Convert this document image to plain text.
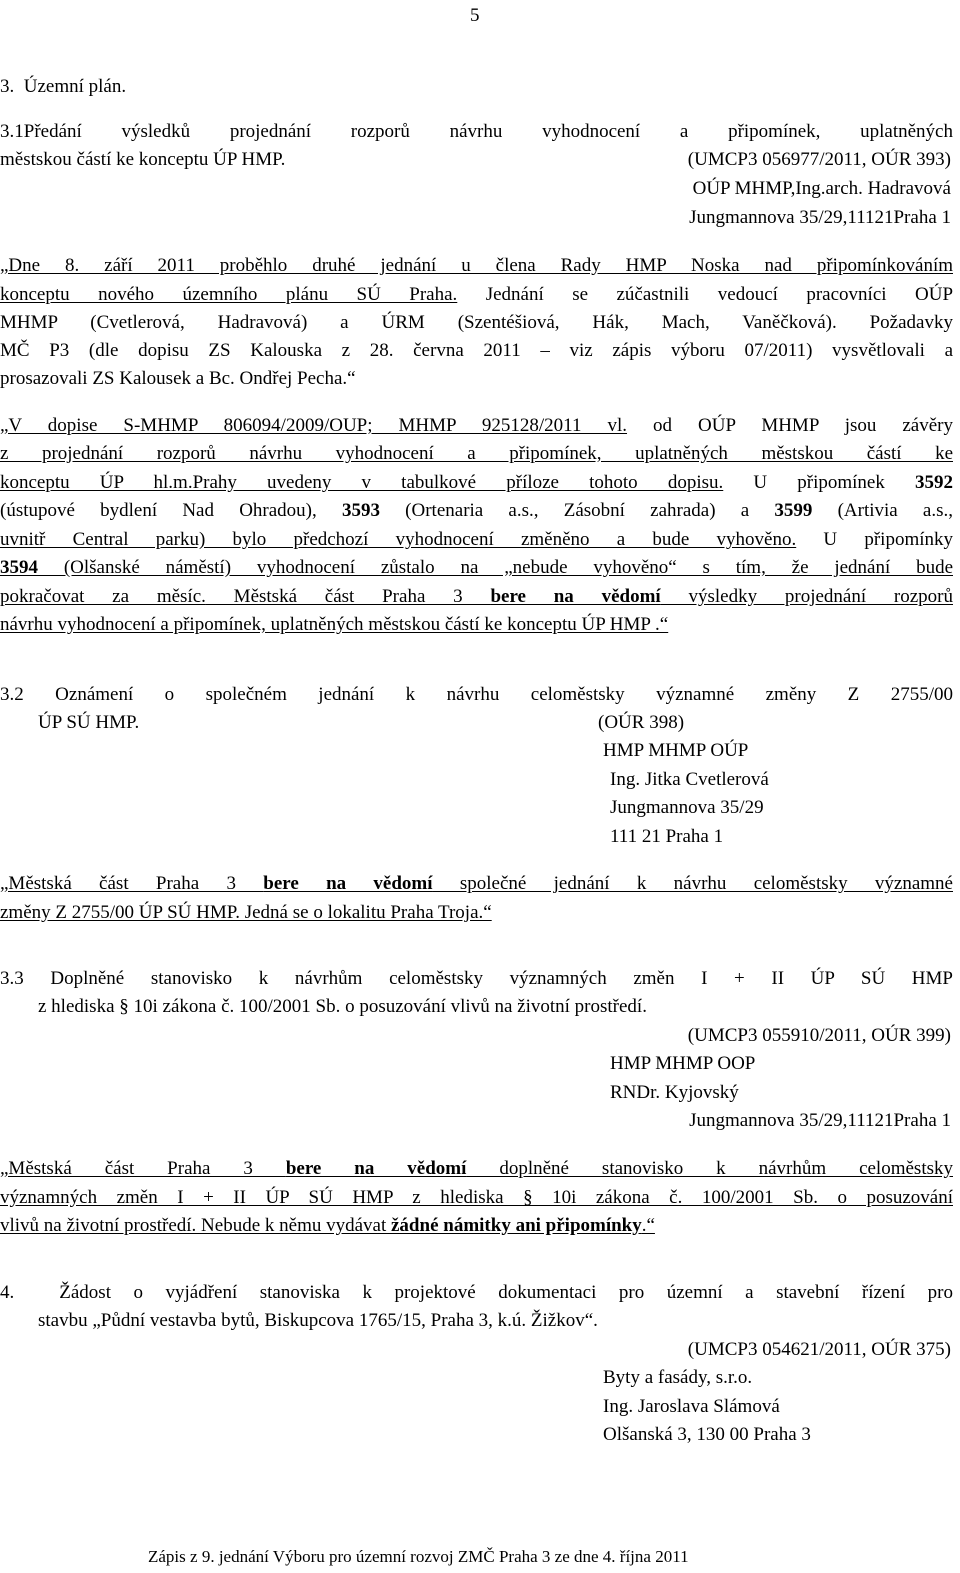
5
3.  Územní plán.
3.1Předání výsledků projednání rozporů návrhu vyhodnocení a připomínek, uplatněných
městskou částí ke konceptu ÚP HMP.	(UMCP3 056977/2011, OÚR 393)
OÚP MHMP,Ing.arch. Hadravová
Jungmannova 35/29,11121Praha 1
„Dne 8. září 2011 proběhlo druhé jednání u člena Rady HMP Noska nad připomínkováním
konceptu nového územního plánu SÚ Praha. Jednání se zúčastnili vedoucí pracovníci OÚP
MHMP (Cvetlerová, Hadravová) a ÚRM (Szentéšiová, Hák, Mach, Vaněčková). Požadavky
MČ P3 (dle dopisu ZS Kalouska z 28. června 2011 – viz zápis výboru 07/2011) vysvětlovali a
prosazovali ZS Kalousek a Bc. Ondřej Pecha.“
„V dopise S-MHMP 806094/2009/OUP; MHMP 925128/2011 vl. od OÚP MHMP jsou závěry
z projednání rozporů návrhu vyhodnocení a připomínek, uplatněných městskou částí ke
konceptu ÚP hl.m.Prahy uvedeny v tabulkové příloze tohoto dopisu. U připomínek 3592
(ústupové bydlení Nad Ohradou), 3593 (Ortenaria a.s., Zásobní zahrada) a 3599 (Artivia a.s.,
uvnitř Central parku) bylo předchozí vyhodnocení změněno a bude vyhověno. U připomínky
3594 (Olšanské náměstí) vyhodnocení zůstalo na „nebude vyhověno“ s tím, že jednání bude
pokračovat za měsíc. Městská část Praha 3 bere na vědomí výsledky projednání rozporů
návrhu vyhodnocení a připomínek, uplatněných městskou částí ke konceptu ÚP HMP .“
3.2 Oznámení o společném jednání k návrhu celoměstsky významné změny Z 2755/00
ÚP SÚ HMP.	(OÚR 398)
HMP MHMP OÚP
Ing. Jitka Cvetlerová
Jungmannova 35/29
111 21 Praha 1
„Městská část Praha 3 bere na vědomí společné jednání k návrhu celoměstsky významné
změny Z 2755/00 ÚP SÚ HMP. Jedná se o lokalitu Praha Troja.“
3.3 Doplněné stanovisko k návrhům celoměstsky významných změn I + II ÚP SÚ HMP
z hlediska § 10i zákona č. 100/2001 Sb. o posuzování vlivů na životní prostředí.
(UMCP3 055910/2011, OÚR 399)
HMP MHMP OOP
RNDr. Kyjovský
Jungmannova 35/29,11121Praha 1
„Městská část Praha 3 bere na vědomí doplněné stanovisko k návrhům celoměstsky
významných změn I + II ÚP SÚ HMP z hlediska § 10i zákona č. 100/2001 Sb. o posuzování
vlivů na životní prostředí. Nebude k němu vydávat žádné námitky ani připomínky.“
4.  Žádost o vyjádření stanoviska k projektové dokumentaci pro územní a stavební řízení pro
stavbu „Půdní vestavba bytů, Biskupcova 1765/15, Praha 3, k.ú. Žižkov“.
(UMCP3 054621/2011, OÚR 375)
Byty a fasády, s.r.o.
Ing. Jaroslava Slámová
Olšanská 3, 130 00 Praha 3
Zápis z 9. jednání Výboru pro územní rozvoj ZMČ Praha 3 ze dne 4. října 2011
